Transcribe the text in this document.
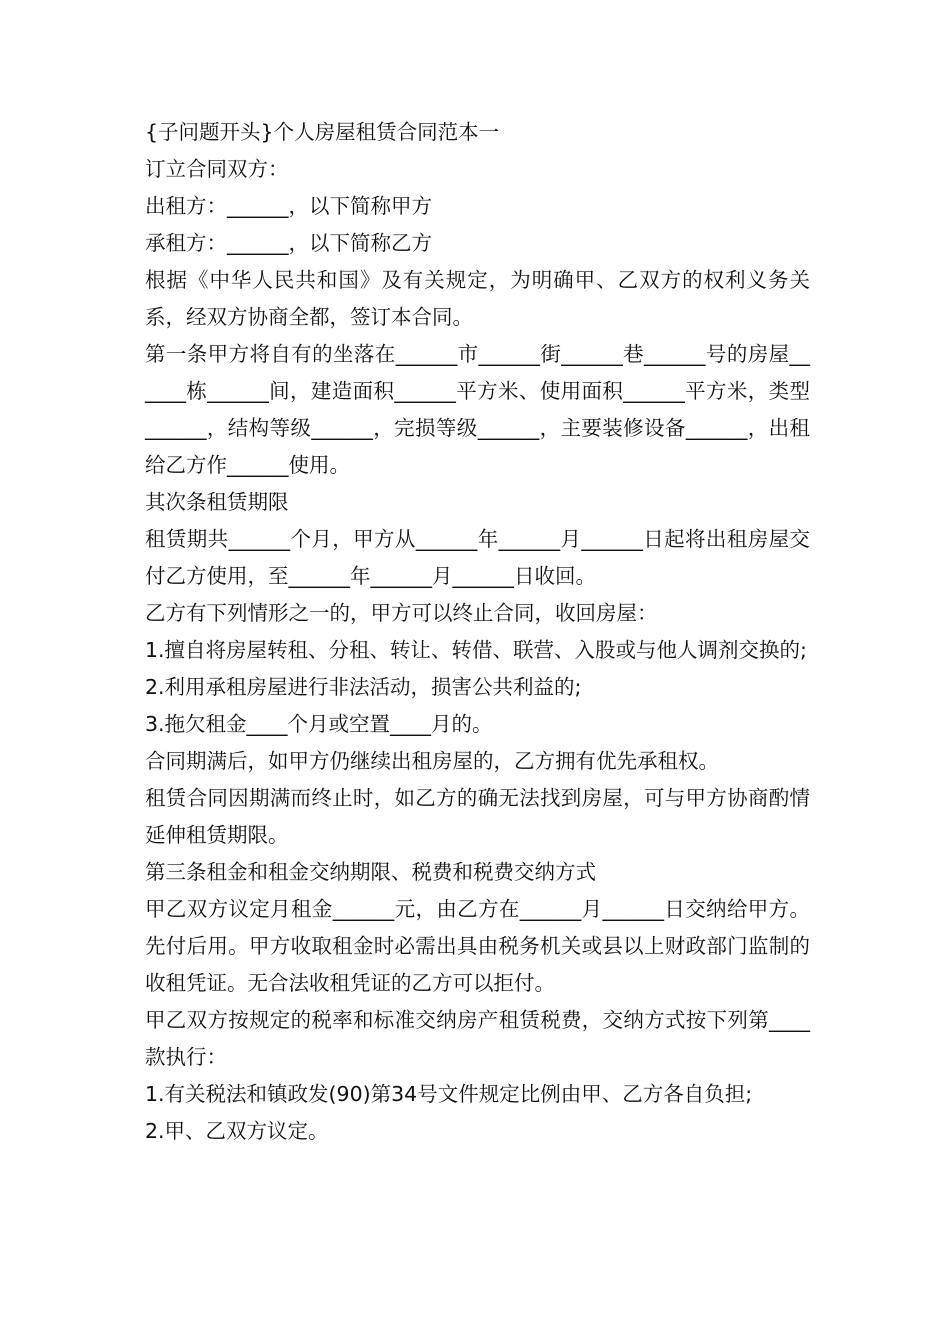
{子问题开头}个人房屋租赁合同范本一

订立合同双方：

出租方：______，以下简称甲方

承租方：______，以下简称乙方

根据《中华人民共和国》及有关规定，为明确甲、乙双方的权利义务关系，经双方协商全都，签订本合同。

第一条甲方将自有的坐落在______市______街______巷______号的房屋______栋______间，建造面积______平方米、使用面积______平方米，类型______，结构等级______，完损等级______，主要装修设备______，出租给乙方作______使用。

其次条租赁期限

租赁期共______个月，甲方从______年______月______日起将出租房屋交付乙方使用，至______年______月______日收回。

乙方有下列情形之一的，甲方可以终止合同，收回房屋：

1.擅自将房屋转租、分租、转让、转借、联营、入股或与他人调剂交换的;

2.利用承租房屋进行非法活动，损害公共利益的;

3.拖欠租金____个月或空置____月的。

合同期满后，如甲方仍继续出租房屋的，乙方拥有优先承租权。

租赁合同因期满而终止时，如乙方的确无法找到房屋，可与甲方协商酌情延伸租赁期限。

第三条租金和租金交纳期限、税费和税费交纳方式

甲乙双方议定月租金______元，由乙方在______月______日交纳给甲方。先付后用。甲方收取租金时必需出具由税务机关或县以上财政部门监制的收租凭证。无合法收租凭证的乙方可以拒付。

甲乙双方按规定的税率和标准交纳房产租赁税费，交纳方式按下列第____款执行：

1.有关税法和镇政发(90)第34号文件规定比例由甲、乙方各自负担;

2.甲、乙双方议定。
